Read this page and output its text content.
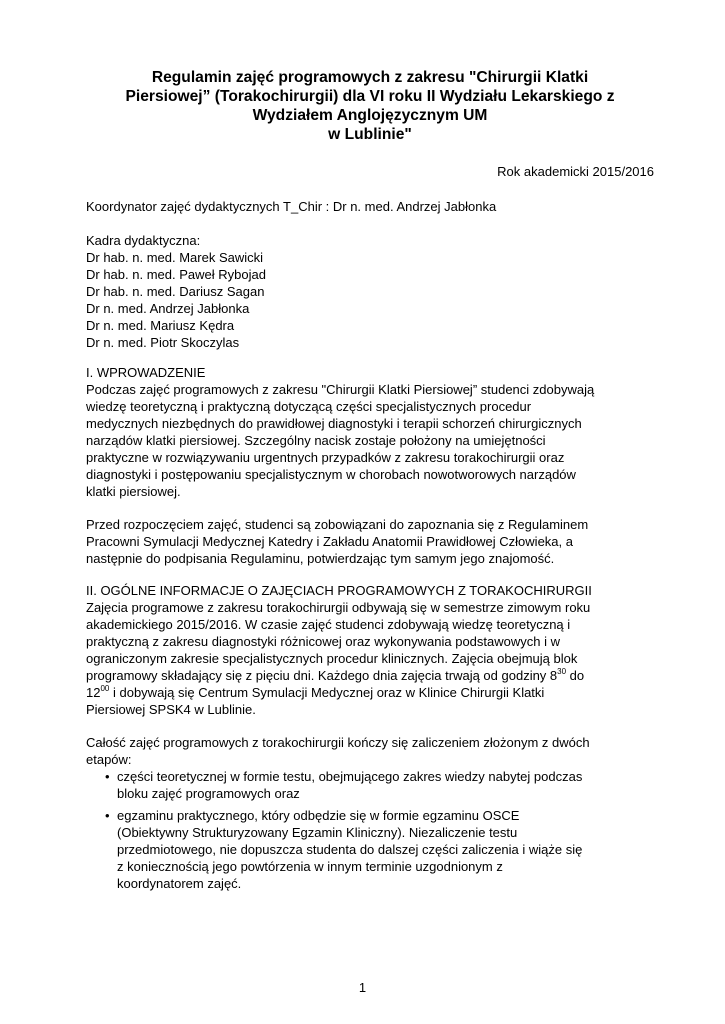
Regulamin zajęć programowych z zakresu "Chirurgii Klatki
Piersiowej” (Torakochirurgii) dla VI roku II Wydziału Lekarskiego z
Wydziałem Anglojęzycznym UM
w Lublinie"
Rok akademicki 2015/2016
Koordynator zajęć dydaktycznych T_Chir : Dr n. med. Andrzej Jabłonka
Kadra dydaktyczna:
Dr hab. n. med. Marek Sawicki
Dr hab. n. med. Paweł Rybojad
Dr hab. n. med. Dariusz Sagan
Dr n. med. Andrzej Jabłonka
Dr n. med. Mariusz Kędra
Dr n. med. Piotr Skoczylas
I. WPROWADZENIE
Podczas zajęć programowych z zakresu "Chirurgii Klatki Piersiowej” studenci zdobywają
wiedzę teoretyczną i praktyczną dotyczącą części specjalistycznych procedur
medycznych niezbędnych do prawidłowej diagnostyki i terapii schorzeń chirurgicznych
narządów klatki piersiowej. Szczególny nacisk zostaje położony na umiejętności
praktyczne w rozwiązywaniu urgentnych przypadków z zakresu torakochirurgii oraz
diagnostyki i postępowaniu specjalistycznym w chorobach nowotworowych narządów
klatki piersiowej.
Przed rozpoczęciem zajęć, studenci są zobowiązani do zapoznania się z Regulaminem
Pracowni Symulacji Medycznej Katedry i Zakładu Anatomii Prawidłowej Człowieka, a
następnie do podpisania Regulaminu, potwierdzając tym samym jego znajomość.
II. OGÓLNE INFORMACJE O ZAJĘCIACH PROGRAMOWYCH Z TORAKOCHIRURGII
Zajęcia programowe z zakresu torakochirurgii odbywają się w semestrze zimowym roku
akademickiego 2015/2016. W czasie zajęć studenci zdobywają wiedzę teoretyczną i
praktyczną z zakresu diagnostyki różnicowej oraz wykonywania podstawowych i w
ograniczonym zakresie specjalistycznych procedur klinicznych. Zajęcia obejmują blok
programowy składający się z pięciu dni. Każdego dnia zajęcia trwają od godziny $8^{30}$ do
$12^{00}$ i dobywają się Centrum Symulacji Medycznej oraz w Klinice Chirurgii Klatki
Piersiowej SPSK4 w Lublinie.
Całość zajęć programowych z torakochirurgii kończy się zaliczeniem złożonym z dwóch
etapów:
• części teoretycznej w formie testu, obejmującego zakres wiedzy nabytej podczas
bloku zajęć programowych oraz
• egzaminu praktycznego, który odbędzie się w formie egzaminu OSCE
(Obiektywny Strukturyzowany Egzamin Kliniczny). Niezaliczenie testu
przedmiotowego, nie dopuszcza studenta do dalszej części zaliczenia i wiąże się
z koniecznością jego powtórzenia w innym terminie uzgodnionym z
koordynatorem zajęć.
1
